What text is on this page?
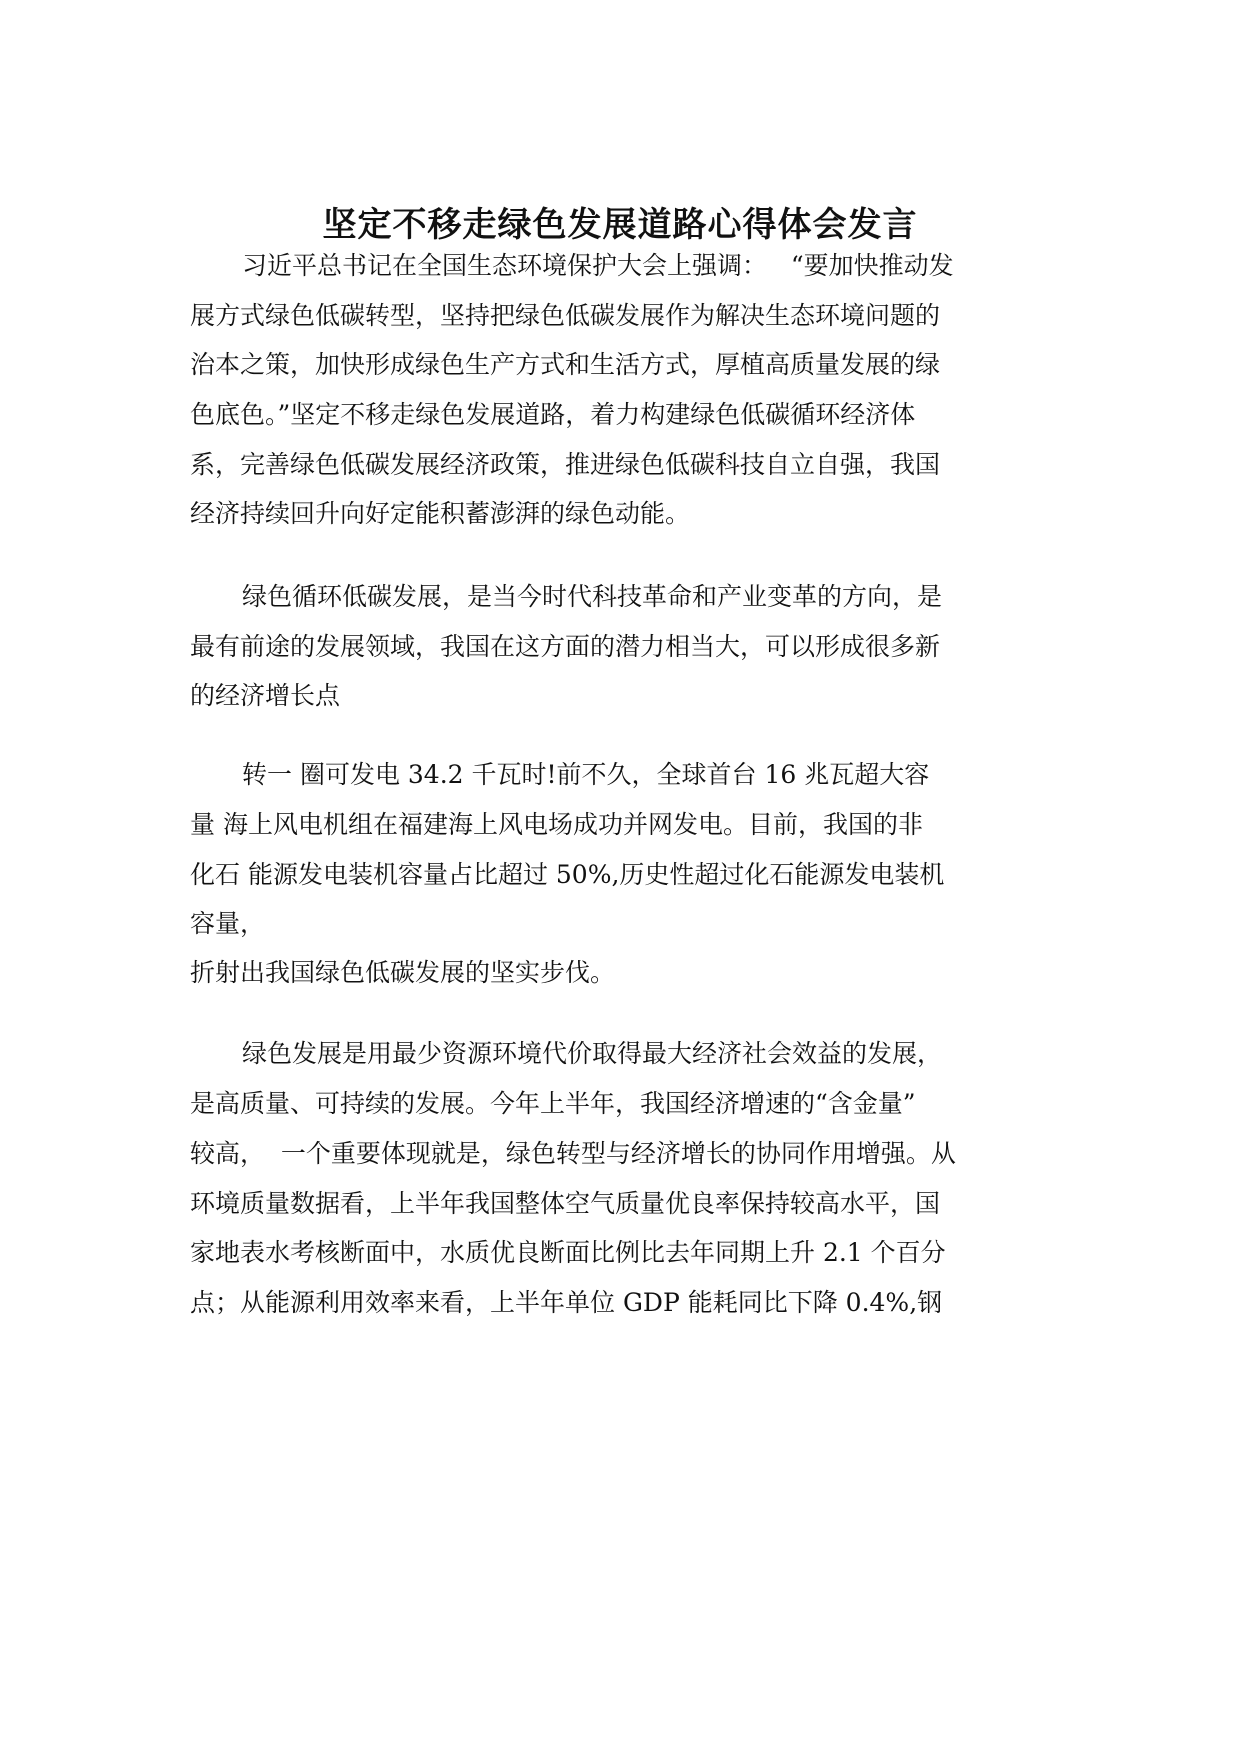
坚定不移走绿色发展道路心得体会发言
习近平总书记在全国生态环境保护大会上强调：   “要加快推动发
展方式绿色低碳转型，坚持把绿色低碳发展作为解决生态环境问题的
治本之策，加快形成绿色生产方式和生活方式，厚植高质量发展的绿
色底色。”坚定不移走绿色发展道路，着力构建绿色低碳循环经济体
系，完善绿色低碳发展经济政策，推进绿色低碳科技自立自强，我国
经济持续回升向好定能积蓄澎湃的绿色动能。
绿色循环低碳发展，是当今时代科技革命和产业变革的方向，是
最有前途的发展领域，我国在这方面的潜力相当大，可以形成很多新
的经济增长点
转一 圈可发电 34.2 千瓦时!前不久，全球首台 16 兆瓦超大容
量 海上风电机组在福建海上风电场成功并网发电。目前，我国的非
化石 能源发电装机容量占比超过 50%,历史性超过化石能源发电装机
容量，
折射出我国绿色低碳发展的坚实步伐。
绿色发展是用最少资源环境代价取得最大经济社会效益的发展，
是高质量、可持续的发展。今年上半年，我国经济增速的“含金量”
较高，  一个重要体现就是，绿色转型与经济增长的协同作用增强。从
环境质量数据看，上半年我国整体空气质量优良率保持较高水平，国
家地表水考核断面中，水质优良断面比例比去年同期上升 2.1 个百分
点；从能源利用效率来看，上半年单位 GDP 能耗同比下降 0.4%,钢
